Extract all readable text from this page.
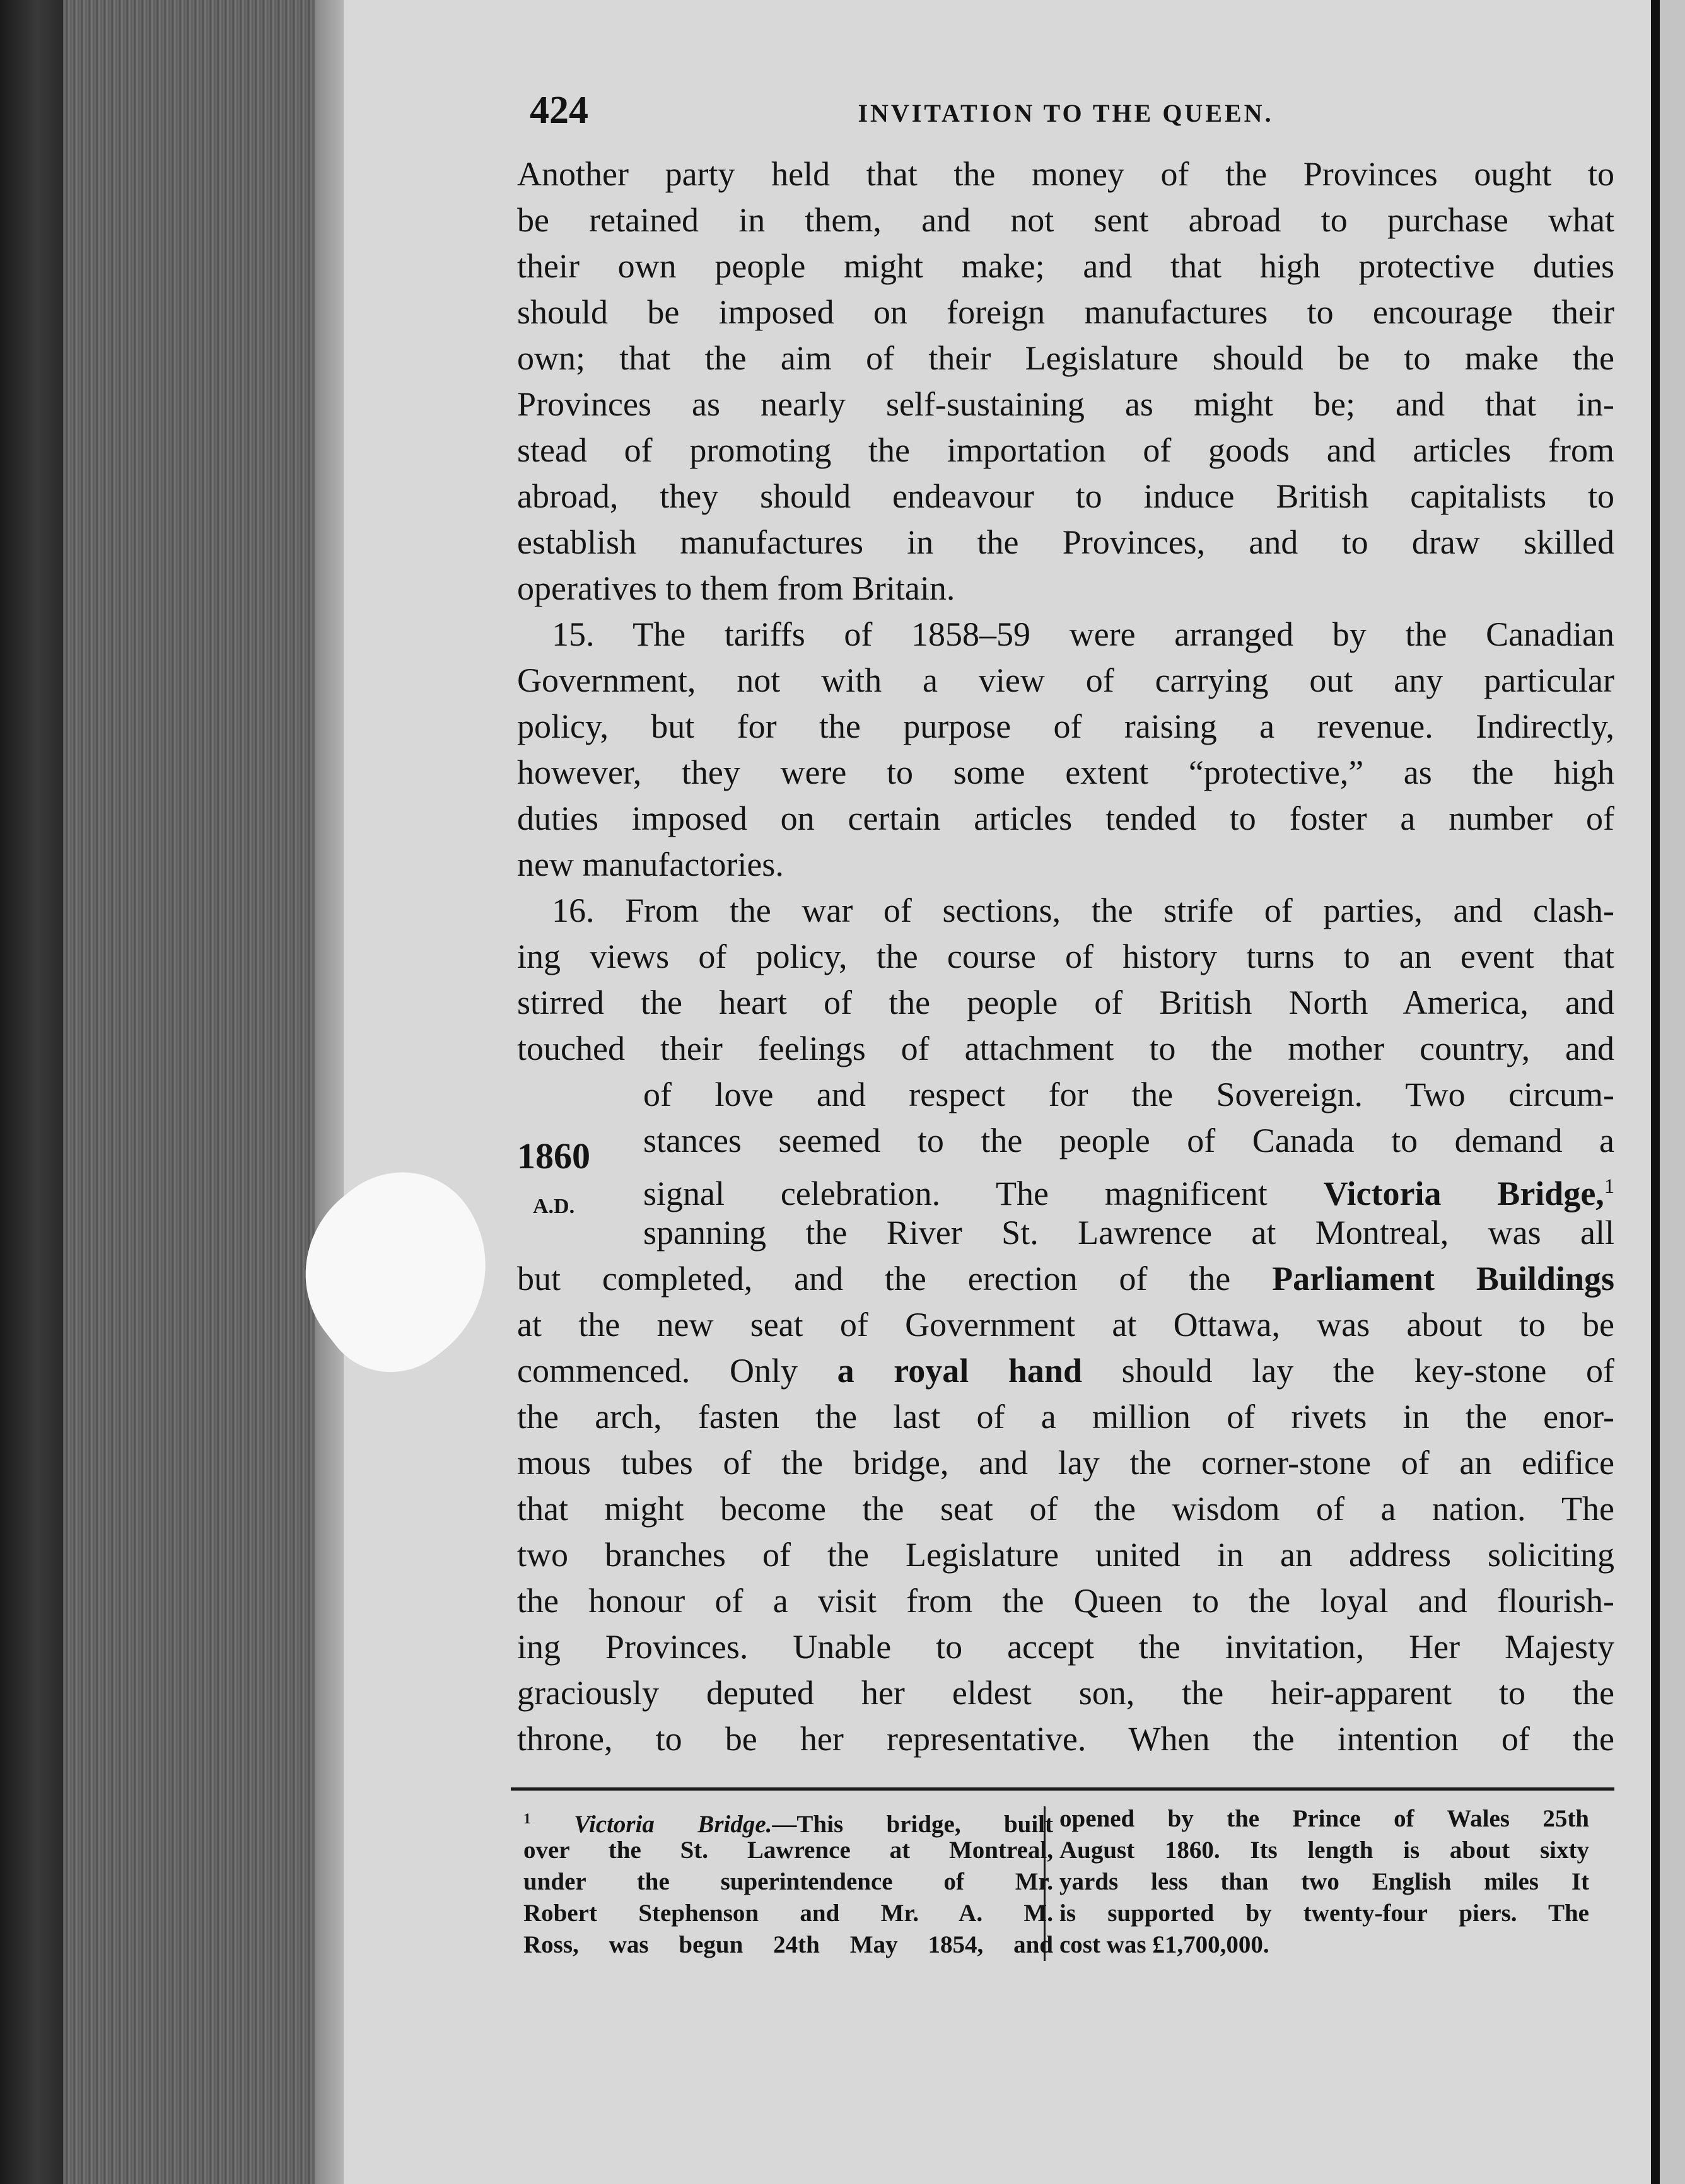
424	INVITATION TO THE QUEEN.
Another party held that the money of the Provinces ought to
be retained in them, and not sent abroad to purchase what
their own people might make; and that high protective duties
should be imposed on foreign manufactures to encourage their
own; that the aim of their Legislature should be to make the
Provinces as nearly self-sustaining as might be; and that in-
stead of promoting the importation of goods and articles from
abroad, they should endeavour to induce British capitalists to
establish manufactures in the Provinces, and to draw skilled
operatives to them from Britain.
15. The tariffs of 1858–59 were arranged by the Canadian
Government, not with a view of carrying out any particular
policy, but for the purpose of raising a revenue. Indirectly,
however, they were to some extent “protective,” as the high
duties imposed on certain articles tended to foster a number of
new manufactories.
16. From the war of sections, the strife of parties, and clash-
ing views of policy, the course of history turns to an event that
stirred the heart of the people of British North America, and
touched their feelings of attachment to the mother country, and
of love and respect for the Sovereign. Two circum-
stances seemed to the people of Canada to demand a
signal celebration. The magnificent Victoria Bridge,$^1$
spanning the River St. Lawrence at Montreal, was all
but completed, and the erection of the Parliament Buildings
at the new seat of Government at Ottawa, was about to be
commenced. Only a royal hand should lay the key-stone of
the arch, fasten the last of a million of rivets in the enor-
mous tubes of the bridge, and lay the corner-stone of an edifice
that might become the seat of the wisdom of a nation. The
two branches of the Legislature united in an address soliciting
the honour of a visit from the Queen to the loyal and flourish-
ing Provinces. Unable to accept the invitation, Her Majesty
graciously deputed her eldest son, the heir-apparent to the
throne, to be her representative. When the intention of the
1860
A.D.
$^1$ Victoria Bridge.—This bridge, built
over the St. Lawrence at Montreal,
under the superintendence of Mr.
Robert Stephenson and Mr. A. M.
Ross, was begun 24th May 1854, and
opened by the Prince of Wales 25th
August 1860. Its length is about sixty
yards less than two English miles It
is supported by twenty-four piers. The
cost was £1,700,000.
